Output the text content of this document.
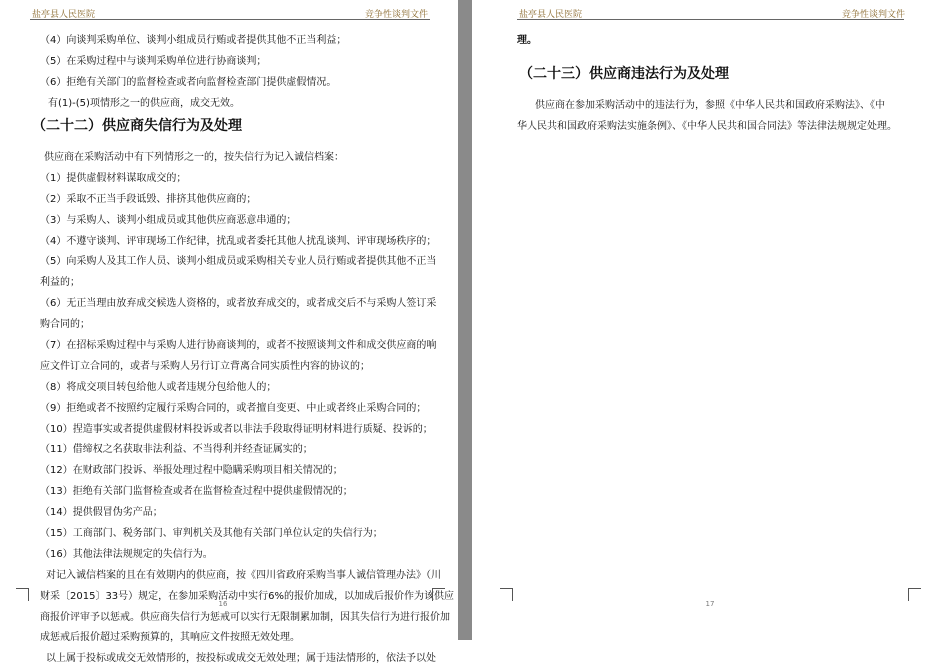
盐亭县人民医院	竞争性谈判文件
（4）向谈判采购单位、谈判小组成员行贿或者提供其他不正当利益；
（5）在采购过程中与谈判采购单位进行协商谈判；
（6）拒绝有关部门的监督检查或者向监督检查部门提供虚假情况。
有(1)-(5)项情形之一的供应商，成交无效。
（二十二）供应商失信行为及处理
供应商在采购活动中有下列情形之一的，按失信行为记入诚信档案：
（1）提供虚假材料谋取成交的；
（2）采取不正当手段诋毁、排挤其他供应商的；
（3）与采购人、谈判小组成员或其他供应商恶意串通的；
（4）不遵守谈判、评审现场工作纪律，扰乱或者委托其他人扰乱谈判、评审现场秩序的；
（5）向采购人及其工作人员、谈判小组成员或采购相关专业人员行贿或者提供其他不正当
利益的；
（6）无正当理由放弃成交候选人资格的，或者放弃成交的，或者成交后不与采购人签订采
购合同的；
（7）在招标采购过程中与采购人进行协商谈判的，或者不按照谈判文件和成交供应商的响
应文件订立合同的，或者与采购人另行订立背离合同实质性内容的协议的；
（8）将成交项目转包给他人或者违规分包给他人的；
（9）拒绝或者不按照约定履行采购合同的，或者擅自变更、中止或者终止采购合同的；
（10）捏造事实或者提供虚假材料投诉或者以非法手段取得证明材料进行质疑、投诉的；
（11）借缔权之名获取非法利益、不当得利并经查证属实的；
（12）在财政部门投诉、举报处理过程中隐瞒采购项目相关情况的；
（13）拒绝有关部门监督检查或者在监督检查过程中提供虚假情况的；
（14）提供假冒伪劣产品；
（15）工商部门、税务部门、审判机关及其他有关部门单位认定的失信行为；
（16）其他法律法规规定的失信行为。
对记入诚信档案的且在有效期内的供应商，按《四川省政府采购当事人诚信管理办法》（川
财采〔2015〕33号）规定，在参加采购活动中实行6%的报价加成，以加成后报价作为该供应
商报价评审予以惩戒。供应商失信行为惩戒可以实行无限制累加制，因其失信行为进行报价加
成惩戒后报价超过采购预算的，其响应文件按照无效处理。
以上属于投标或成交无效情形的，按投标或成交无效处理；属于违法情形的，依法予以处
16
盐亭县人民医院	竞争性谈判文件
理。
（二十三）供应商违法行为及处理
供应商在参加采购活动中的违法行为，参照《中华人民共和国政府采购法》、《中
华人民共和国政府采购法实施条例》、《中华人民共和国合同法》等法律法规规定处理。
17
